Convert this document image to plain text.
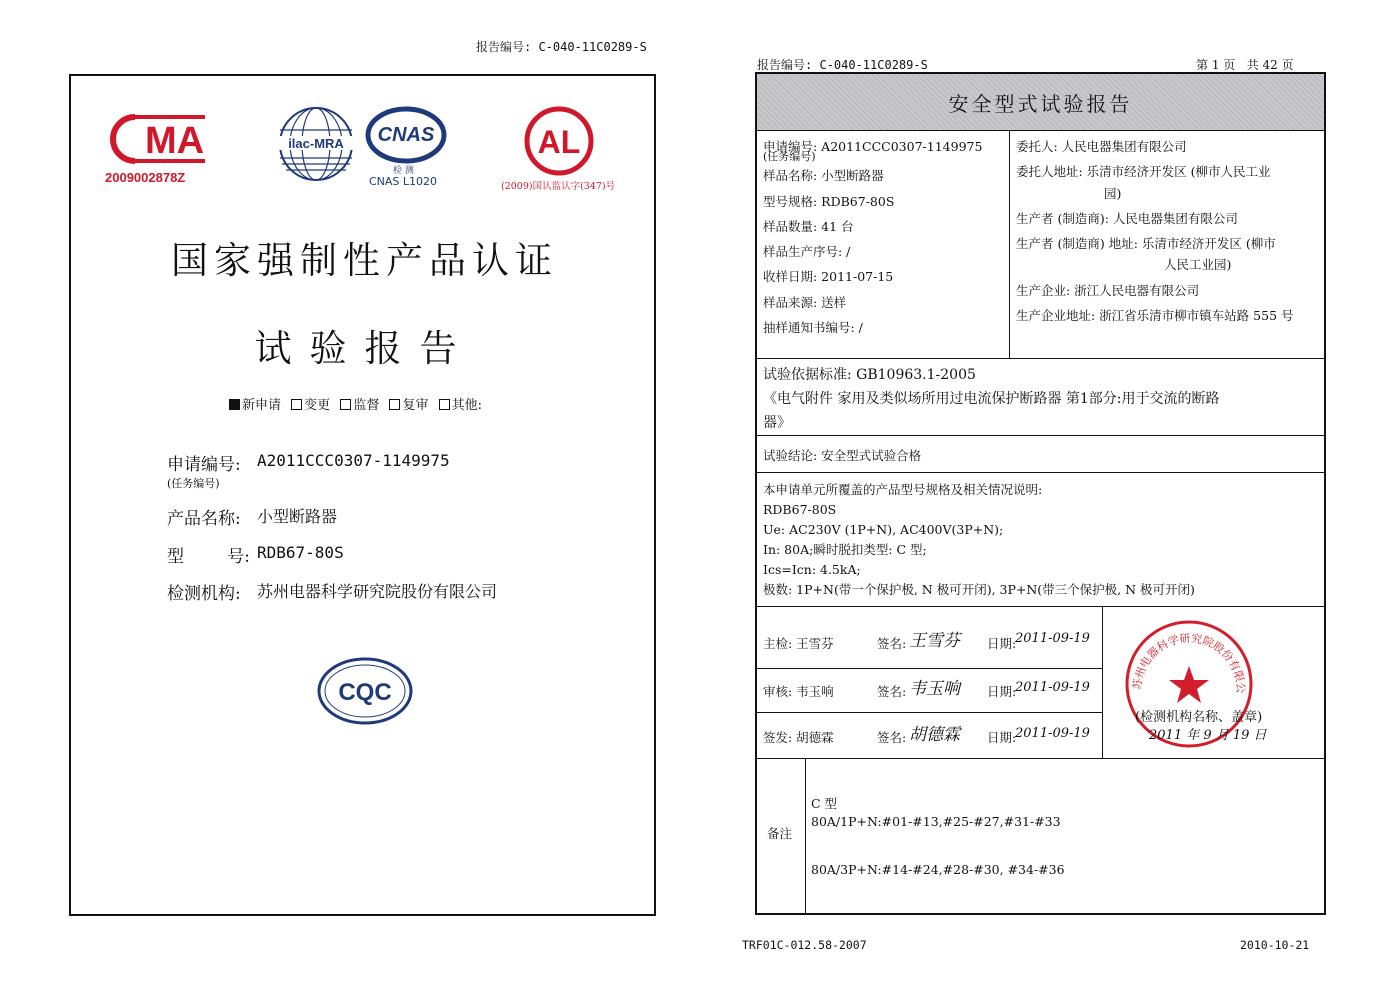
报告编号: C-040-11C0289-S
MA
2009002878Z
ilac-MRA CNAS
检 测
CNAS L1020
AL
(2009)国认监认字(347)号
国家强制性产品认证
试验报告
新申请 变更 监督 复审 其他:
申请编号: A2011CCC0307-1149975
(任务编号)
产品名称: 小型断路器
型        号: RDB67-80S
检测机构: 苏州电器科学研究院股份有限公司
CQC
报告编号: C-040-11C0289-S	第 1 页   共 42 页
安全型式试验报告
申请编号: A2011CCC0307-1149975
(任务编号)
样品名称: 小型断路器
型号规格: RDB67-80S
样品数量: 41 台
样品生产序号: /
收样日期: 2011-07-15
样品来源: 送样
抽样通知书编号: /
委托人: 人民电器集团有限公司
委托人地址: 乐清市经济开发区 (柳市人民工业
园)
生产者 (制造商): 人民电器集团有限公司
生产者 (制造商) 地址: 乐清市经济开发区 (柳市
人民工业园)
生产企业: 浙江人民电器有限公司
生产企业地址: 浙江省乐清市柳市镇车站路 555 号
试验依据标准: GB10963.1-2005
《电气附件 家用及类似场所用过电流保护断路器 第1部分:用于交流的断路
器》
试验结论: 安全型式试验合格
本申请单元所覆盖的产品型号规格及相关情况说明:
RDB67-80S
Ue: AC230V (1P+N), AC400V(3P+N);
In: 80A;瞬时脱扣类型: C 型;
Ics=Icn: 4.5kA;
极数: 1P+N(带一个保护极, N 极可开闭), 3P+N(带三个保护极, N 极可开闭)
主检: 王雪芬	签名: 王雪芬 日期:
2011-09-19
审核: 韦玉响	签名: 韦玉响 日期:
2011-09-19
签发: 胡德霖	签名: 胡德霖 日期:
2011-09-19
苏州电器科学研究院股份有限公
(检测机构名称、盖章)
2011 年 9 月 19 日
备注
C 型
80A/1P+N:#01-#13,#25-#27,#31-#33
80A/3P+N:#14-#24,#28-#30, #34-#36
TRF01C-012.58-2007	2010-10-21
